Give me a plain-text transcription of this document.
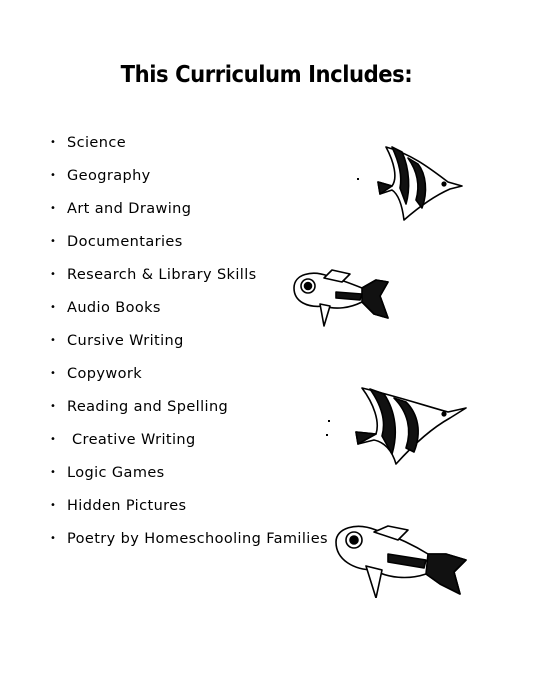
This Curriculum Includes:
• Science
• Geography
• Art and Drawing
• Documentaries
• Research & Library Skills
• Audio Books
• Cursive Writing
• Copywork
• Reading and Spelling
• Creative Writing
• Logic Games
• Hidden Pictures
• Poetry by Homeschooling Families
